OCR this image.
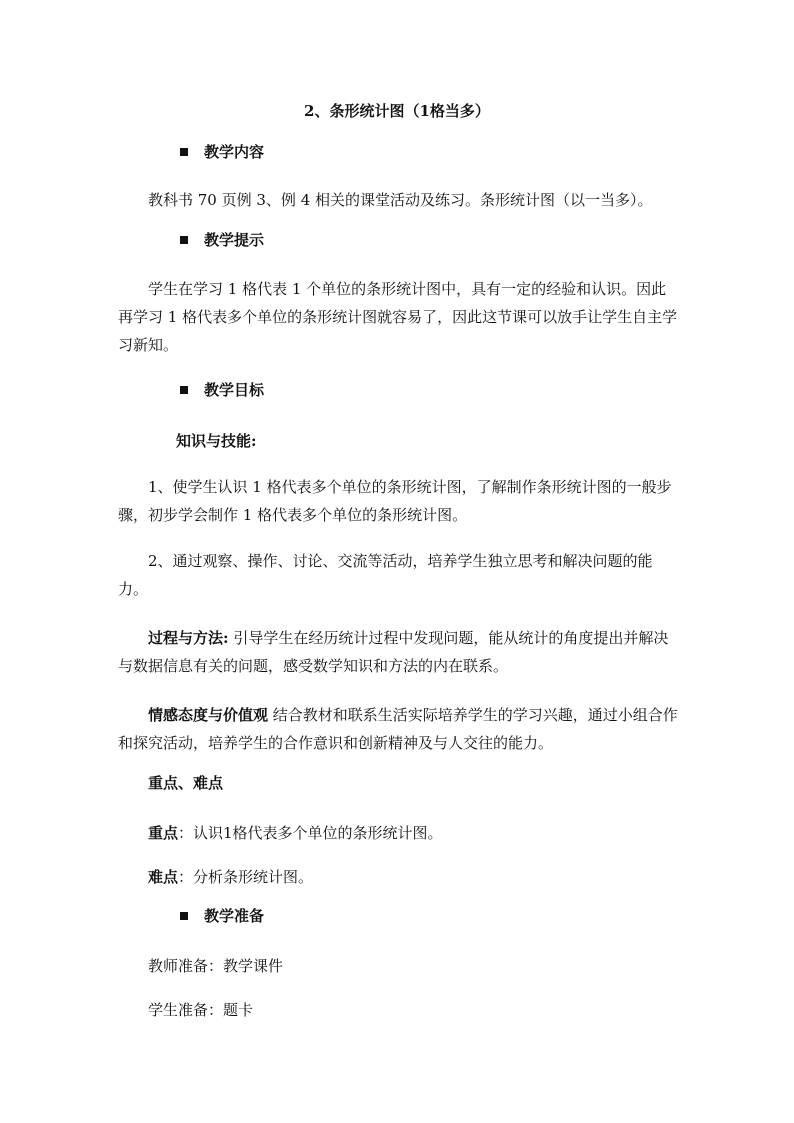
2、条形统计图（1格当多）
教学内容
教科书 70 页例 3、例 4 相关的课堂活动及练习。条形统计图（以一当多）。
教学提示
学生在学习 1 格代表 1 个单位的条形统计图中，具有一定的经验和认识。因此再学习 1 格代表多个单位的条形统计图就容易了，因此这节课可以放手让学生自主学习新知。
教学目标
知识与技能:
1、使学生认识 1 格代表多个单位的条形统计图，了解制作条形统计图的一般步骤，初步学会制作 1 格代表多个单位的条形统计图。
2、通过观察、操作、讨论、交流等活动，培养学生独立思考和解决问题的能力。
过程与方法: 引导学生在经历统计过程中发现问题，能从统计的角度提出并解决与数据信息有关的问题，感受数学知识和方法的内在联系。
情感态度与价值观 结合教材和联系生活实际培养学生的学习兴趣，通过小组合作和探究活动，培养学生的合作意识和创新精神及与人交往的能力。
重点、难点
重点：认识1格代表多个单位的条形统计图。
难点：分析条形统计图。
教学准备
教师准备：教学课件
学生准备：题卡
